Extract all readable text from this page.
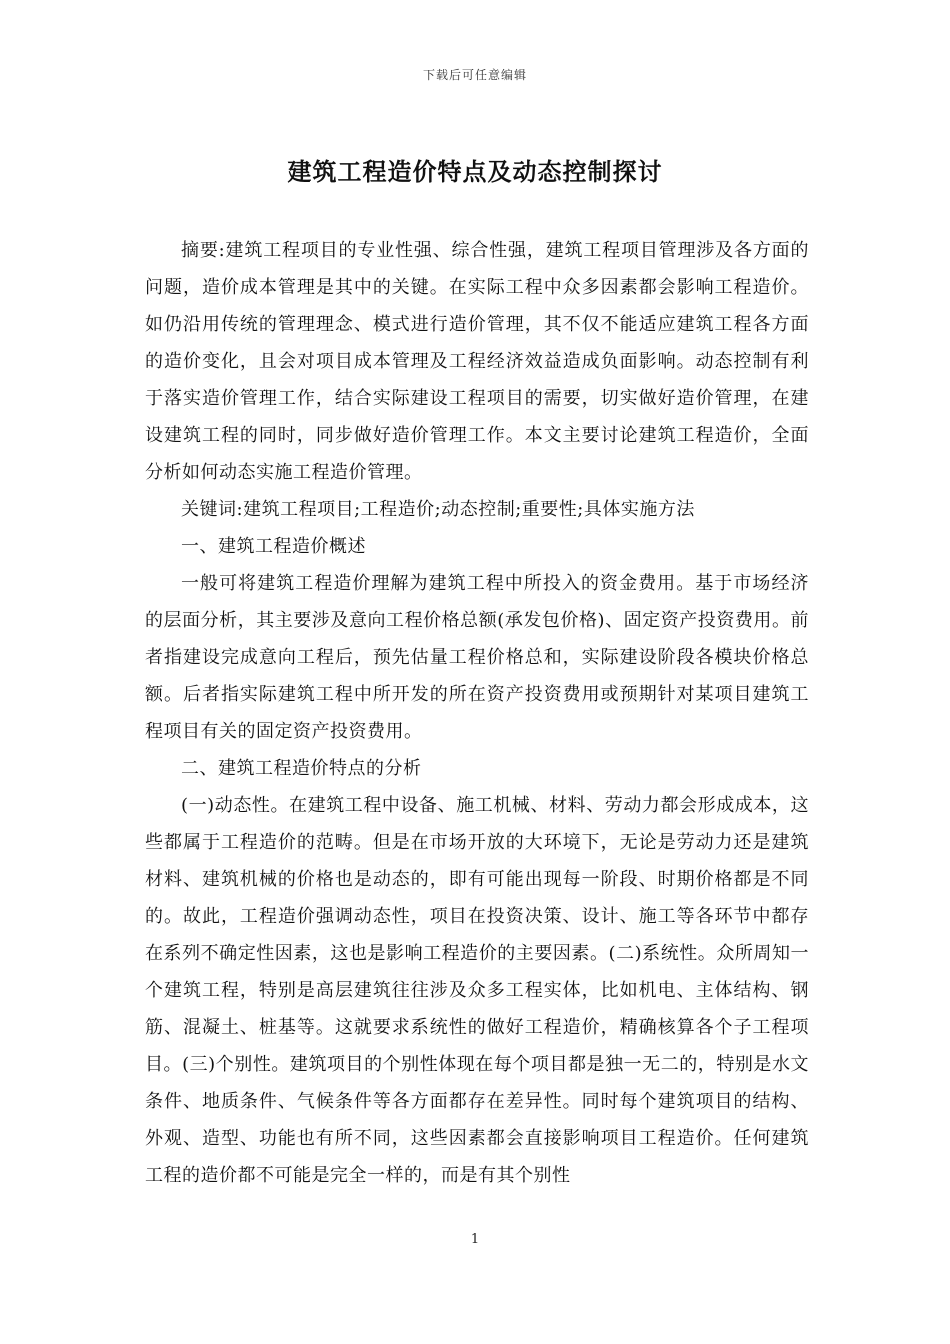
下载后可任意编辑
建筑工程造价特点及动态控制探讨

摘要:建筑工程项目的专业性强、综合性强，建筑工程项目管理涉及各方面的问题，造价成本管理是其中的关键。在实际工程中众多因素都会影响工程造价。如仍沿用传统的管理理念、模式进行造价管理，其不仅不能适应建筑工程各方面的造价变化，且会对项目成本管理及工程经济效益造成负面影响。动态控制有利于落实造价管理工作，结合实际建设工程项目的需要，切实做好造价管理，在建设建筑工程的同时，同步做好造价管理工作。本文主要讨论建筑工程造价，全面分析如何动态实施工程造价管理。

关键词:建筑工程项目;工程造价;动态控制;重要性;具体实施方法

一、建筑工程造价概述

一般可将建筑工程造价理解为建筑工程中所投入的资金费用。基于市场经济的层面分析，其主要涉及意向工程价格总额(承发包价格)、固定资产投资费用。前者指建设完成意向工程后，预先估量工程价格总和，实际建设阶段各模块价格总额。后者指实际建筑工程中所开发的所在资产投资费用或预期针对某项目建筑工程项目有关的固定资产投资费用。

二、建筑工程造价特点的分析

(一)动态性。在建筑工程中设备、施工机械、材料、劳动力都会形成成本，这些都属于工程造价的范畴。但是在市场开放的大环境下，无论是劳动力还是建筑材料、建筑机械的价格也是动态的，即有可能出现每一阶段、时期价格都是不同的。故此，工程造价强调动态性，项目在投资决策、设计、施工等各环节中都存在系列不确定性因素，这也是影响工程造价的主要因素。(二)系统性。众所周知一个建筑工程，特别是高层建筑往往涉及众多工程实体，比如机电、主体结构、钢筋、混凝土、桩基等。这就要求系统性的做好工程造价，精确核算各个子工程项目。(三)个别性。建筑项目的个别性体现在每个项目都是独一无二的，特别是水文条件、地质条件、气候条件等各方面都存在差异性。同时每个建筑项目的结构、外观、造型、功能也有所不同，这些因素都会直接影响项目工程造价。任何建筑工程的造价都不可能是完全一样的，而是有其个别性

1
